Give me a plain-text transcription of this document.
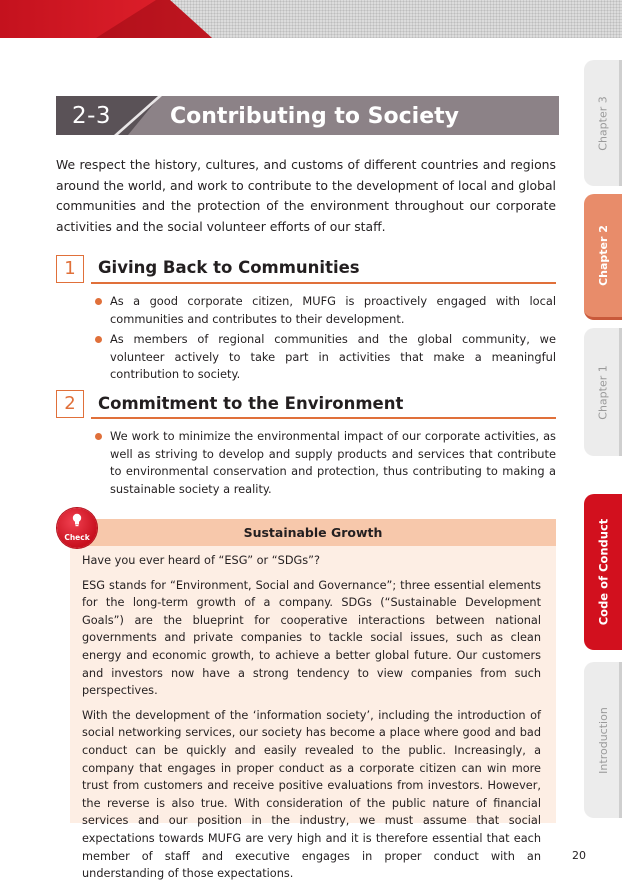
2-3	Contributing to Society
We respect the history, cultures, and customs of different countries and regions around the world, and work to contribute to the development of local and global communities and the protection of the environment throughout our corporate activities and the social volunteer efforts of our staff.
1	Giving Back to Communities
As a good corporate citizen, MUFG is proactively engaged with local communities and contributes to their development.
As members of regional communities and the global community, we volunteer actively to take part in activities that make a meaningful contribution to society.
2	Commitment to the Environment
We work to minimize the environmental impact of our corporate activities, as well as striving to develop and supply products and services that contribute to environmental conservation and protection, thus contributing to making a sustainable society a reality.
Sustainable Growth
Check

Have you ever heard of “ESG” or “SDGs”?

ESG stands for “Environment, Social and Governance”; three essential elements for the long-term growth of a company. SDGs (“Sustainable Development Goals”) are the blueprint for cooperative interactions between national governments and private companies to tackle social issues, such as clean energy and economic growth, to achieve a better global future. Our customers and investors now have a strong tendency to view companies from such perspectives.

With the development of the ‘information society’, including the introduction of social networking services, our society has become a place where good and bad conduct can be quickly and easily revealed to the public. Increasingly, a company that engages in proper conduct as a corporate citizen can win more trust from customers and receive positive evaluations from investors. However, the reverse is also true. With consideration of the public nature of financial services and our position in the industry, we must assume that social expectations towards MUFG are very high and it is therefore essential that each member of staff and executive engages in proper conduct with an understanding of those expectations.

Chapter 3
Chapter 2
Chapter 1
Code of Conduct
Introduction
20
